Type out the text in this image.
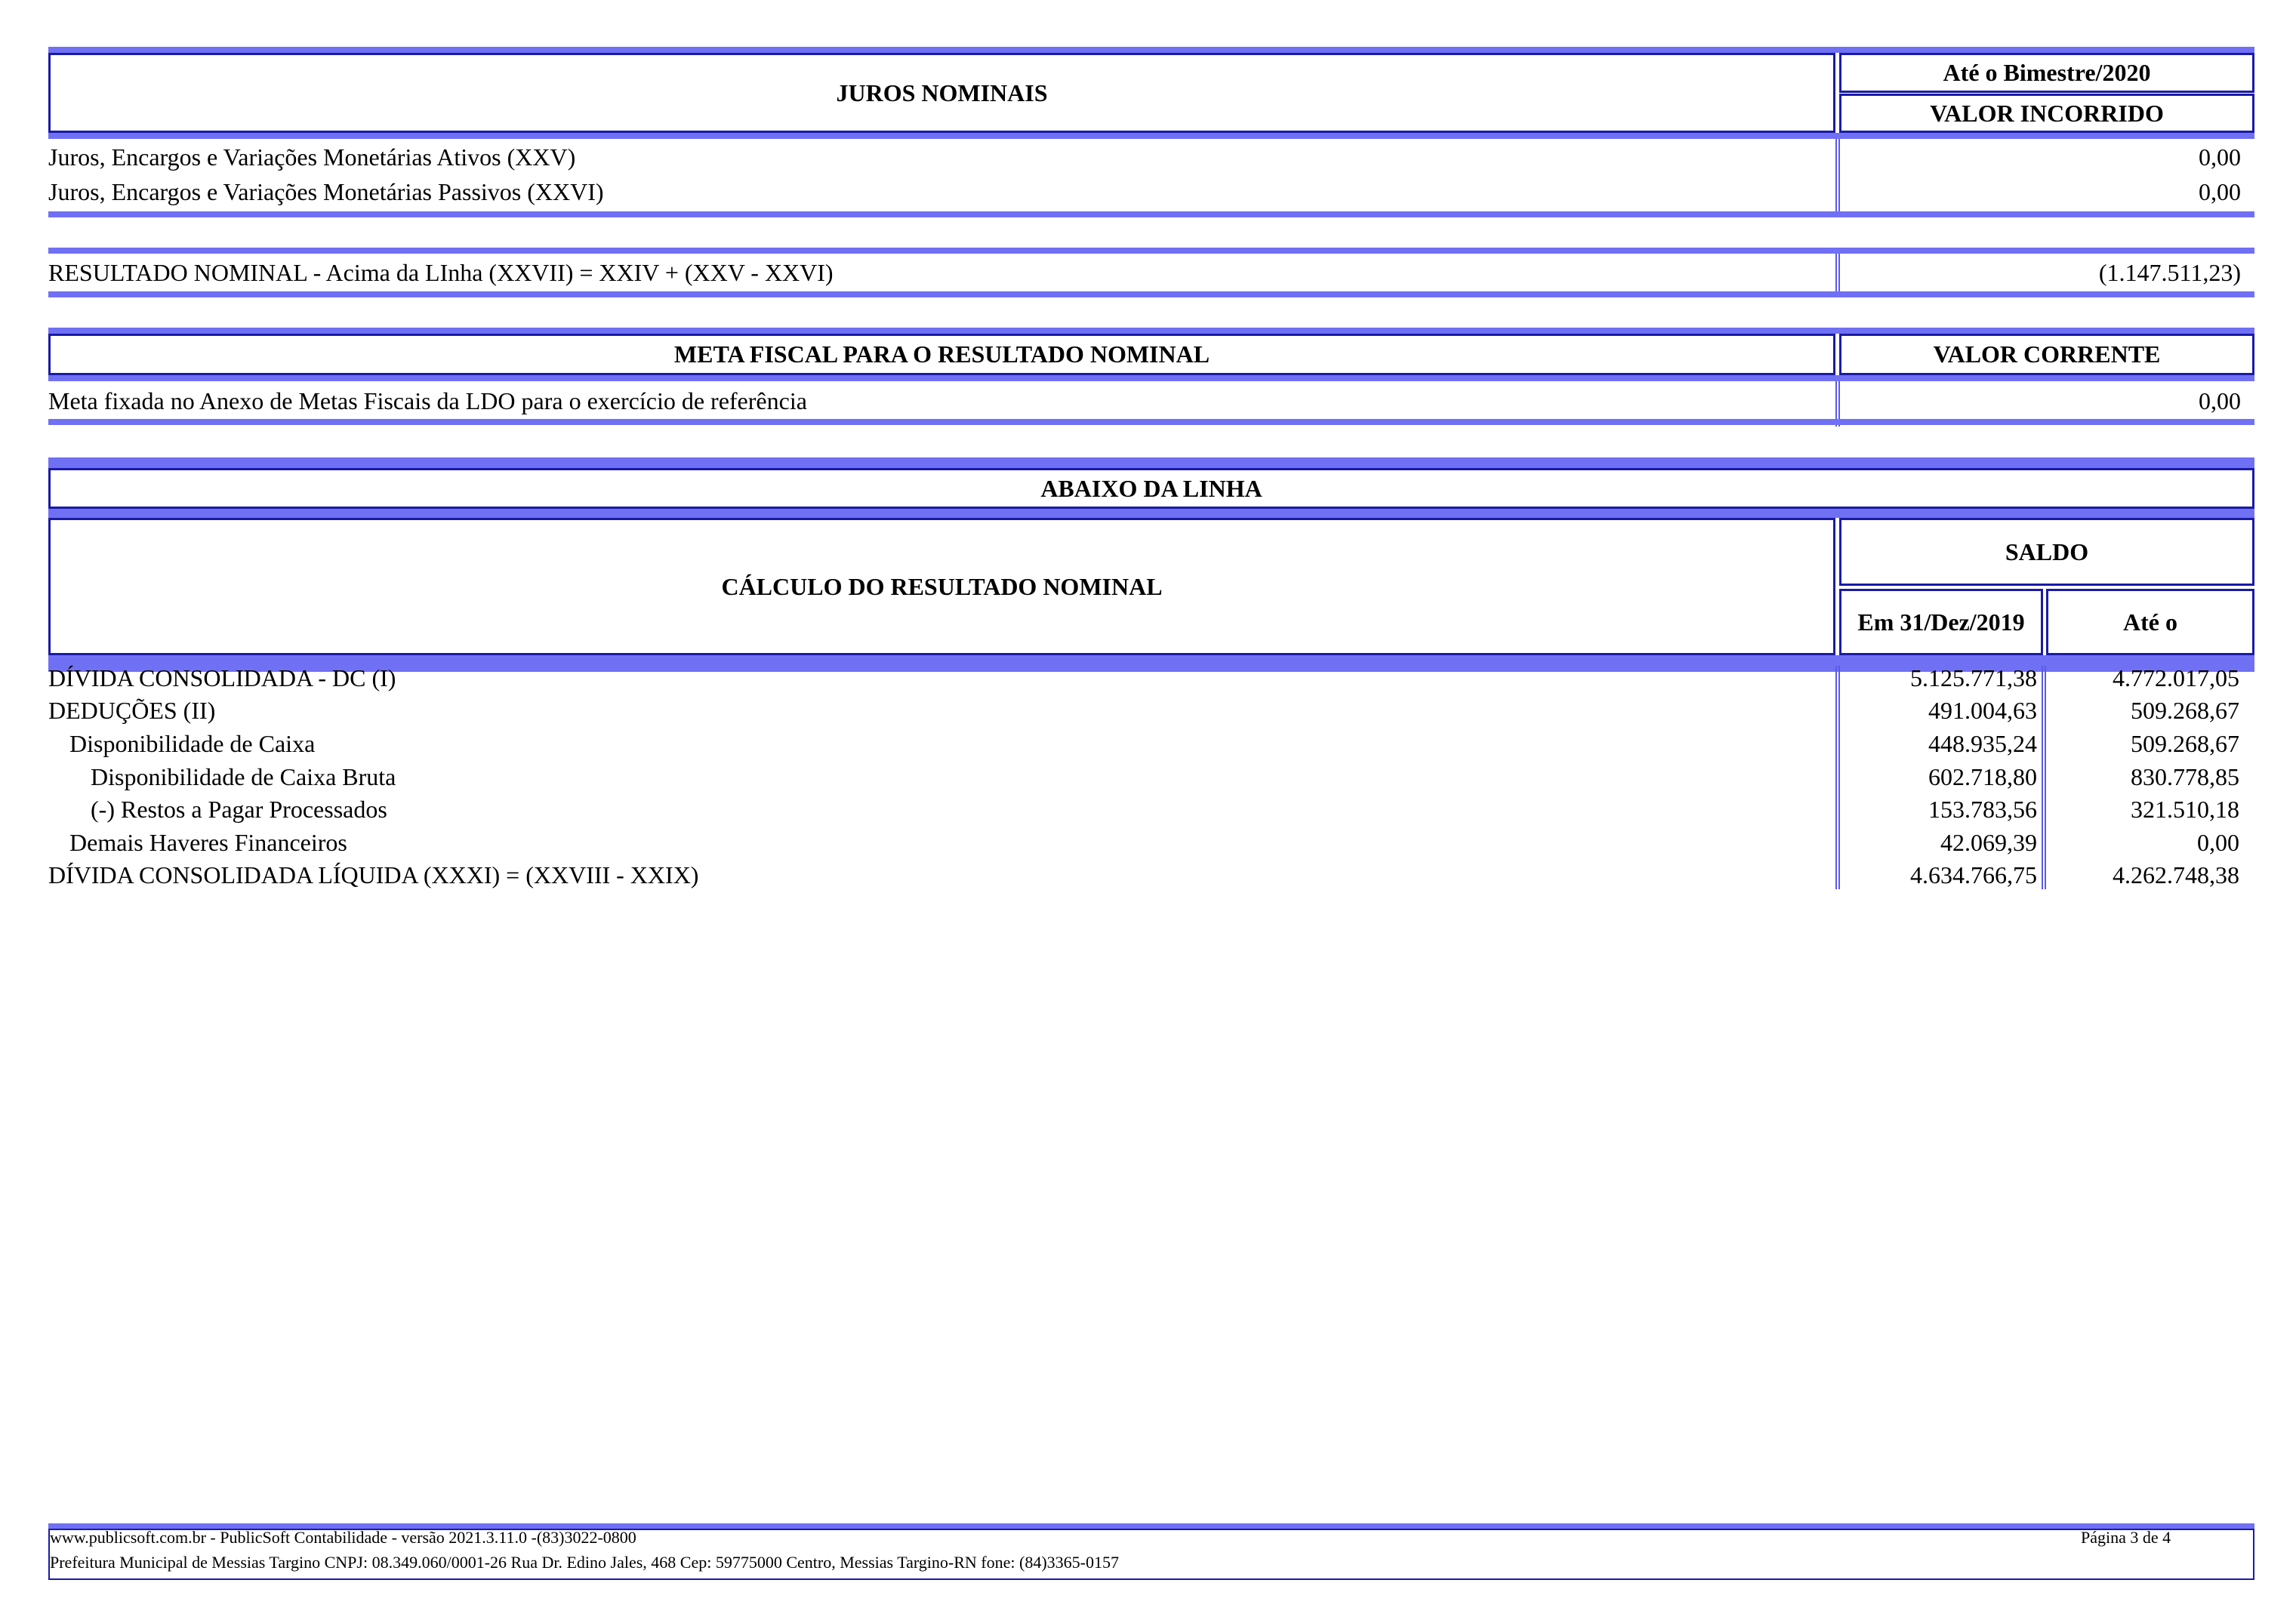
JUROS NOMINAIS
Até o Bimestre/2020
VALOR INCORRIDO
Juros, Encargos e Variações Monetárias Ativos (XXV)	0,00
Juros, Encargos e Variações Monetárias Passivos (XXVI)	0,00
RESULTADO NOMINAL - Acima da LInha (XXVII) = XXIV + (XXV - XXVI)	(1.147.511,23)
META FISCAL PARA O RESULTADO NOMINAL	VALOR CORRENTE
Meta fixada no Anexo de Metas Fiscais da LDO para o exercício de referência	0,00
ABAIXO DA LINHA
CÁLCULO DO RESULTADO NOMINAL
SALDO
Em 31/Dez/2019	Até o
DÍVIDA CONSOLIDADA - DC (I)	5.125.771,38	4.772.017,05
DEDUÇÕES (II)	491.004,63	509.268,67
Disponibilidade de Caixa	448.935,24	509.268,67
Disponibilidade de Caixa Bruta	602.718,80	830.778,85
(-) Restos a Pagar Processados	153.783,56	321.510,18
Demais Haveres Financeiros	42.069,39	0,00
DÍVIDA CONSOLIDADA LÍQUIDA (XXXI) = (XXVIII - XXIX)	4.634.766,75	4.262.748,38
www.publicsoft.com.br - PublicSoft Contabilidade - versão 2021.3.11.0 -(83)3022-0800	Página 3 de 4
Prefeitura Municipal de Messias Targino CNPJ: 08.349.060/0001-26 Rua Dr. Edino Jales, 468 Cep: 59775000 Centro, Messias Targino-RN fone: (84)3365-0157
